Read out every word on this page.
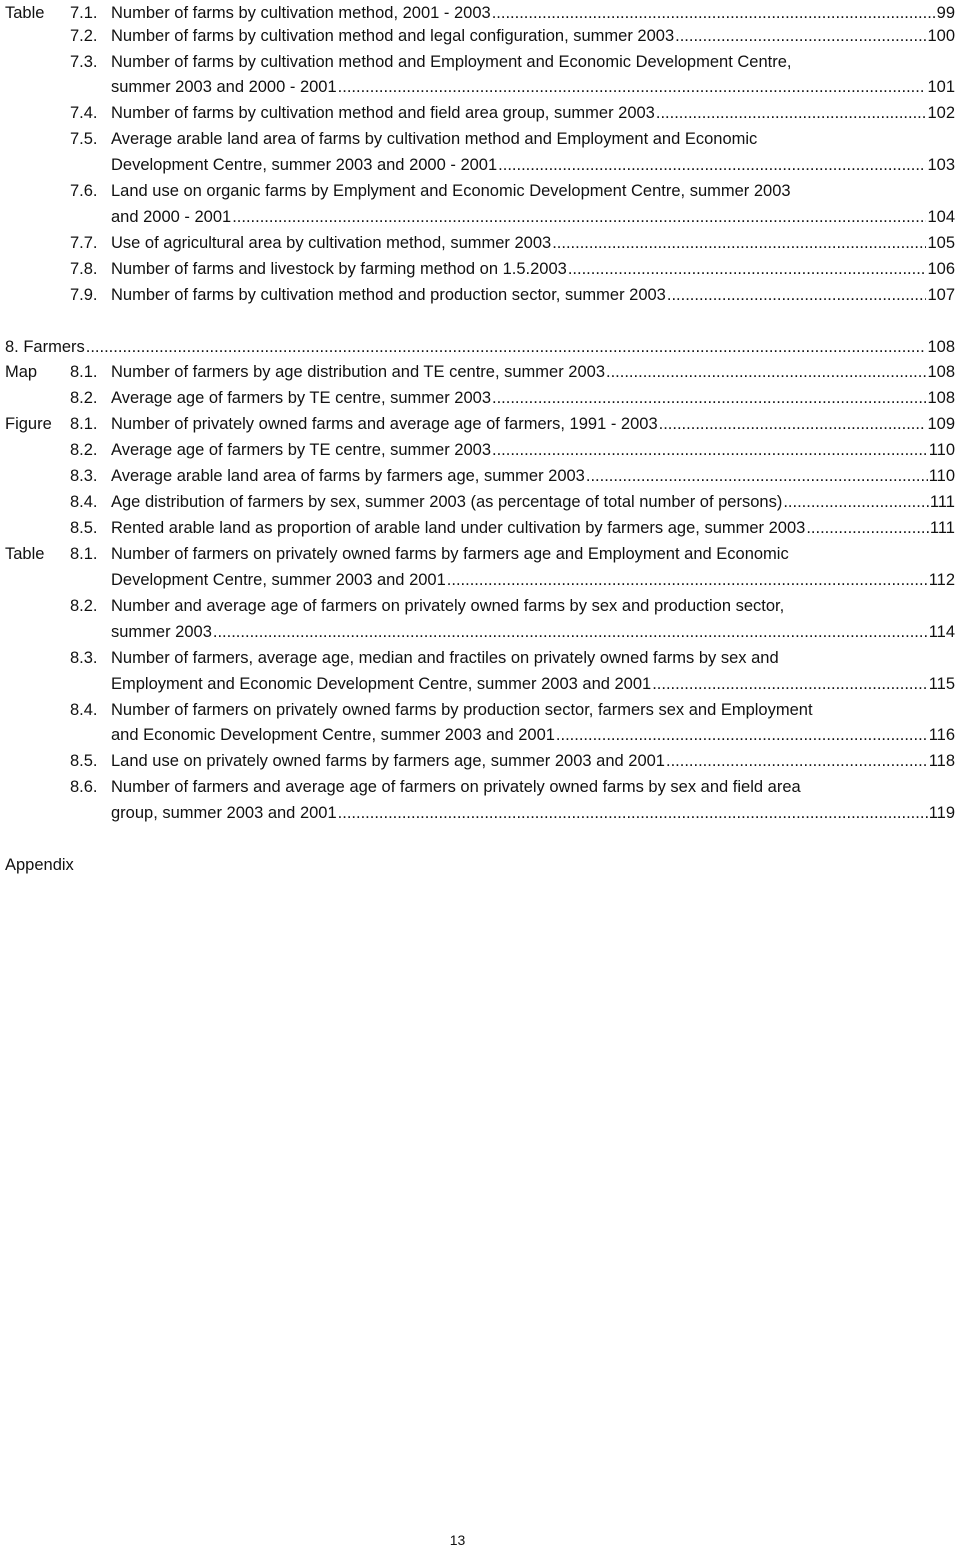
Table 7.1. Number of farms by cultivation method, 2001 - 2003 .....	99
7.2. Number of farms by cultivation method and legal configuration, summer 2003 .....	100
7.3. Number of farms by cultivation method and Employment and Economic Development Centre,
summer 2003 and 2000 - 2001 .....	101
7.4. Number of farms by cultivation method and field area group, summer 2003 .....	102
7.5. Average arable land area of farms by cultivation method and Employment and Economic
Development Centre, summer 2003 and 2000 - 2001 .....	103
7.6. Land use on organic farms by Emplyment and Economic Development Centre, summer 2003
and 2000 - 2001 .....	104
7.7. Use of agricultural area by cultivation method, summer 2003 .....	105
7.8. Number of farms and livestock by farming method on 1.5.2003 .....	106
7.9. Number of farms by cultivation method and production sector, summer 2003 .....	107
8. Farmers .....	108
Map 8.1. Number of farmers by age distribution and TE centre, summer 2003 .....	108
8.2. Average age of farmers by TE centre, summer 2003 .....	108
Figure 8.1. Number of privately owned farms and average age of farmers, 1991 - 2003 .....	109
8.2. Average age of farmers by TE centre, summer 2003 .....	110
8.3. Average arable land area of farms by farmers age, summer 2003 .....	110
8.4. Age distribution of farmers by sex, summer 2003 (as percentage of total number of persons) .....	111
8.5. Rented arable land as proportion of arable land under cultivation by farmers age, summer 2003 .....	111
Table 8.1. Number of farmers on privately owned farms by farmers age and Employment and Economic
Development Centre, summer 2003 and 2001 .....	112
8.2. Number and average age of farmers on privately owned farms by sex and production sector,
summer 2003 .....	114
8.3. Number of farmers, average age, median and fractiles on privately owned farms by sex and
Employment and Economic Development Centre, summer 2003 and 2001 .....	115
8.4. Number of farmers on privately owned farms by production sector, farmers sex and Employment
and Economic Development Centre, summer 2003 and 2001 .....	116
8.5. Land use on privately owned farms by farmers age, summer 2003 and 2001 .....	118
8.6. Number of farmers and average age of farmers on privately owned farms by sex and field area
group, summer 2003 and 2001 .....	119
Appendix
13
